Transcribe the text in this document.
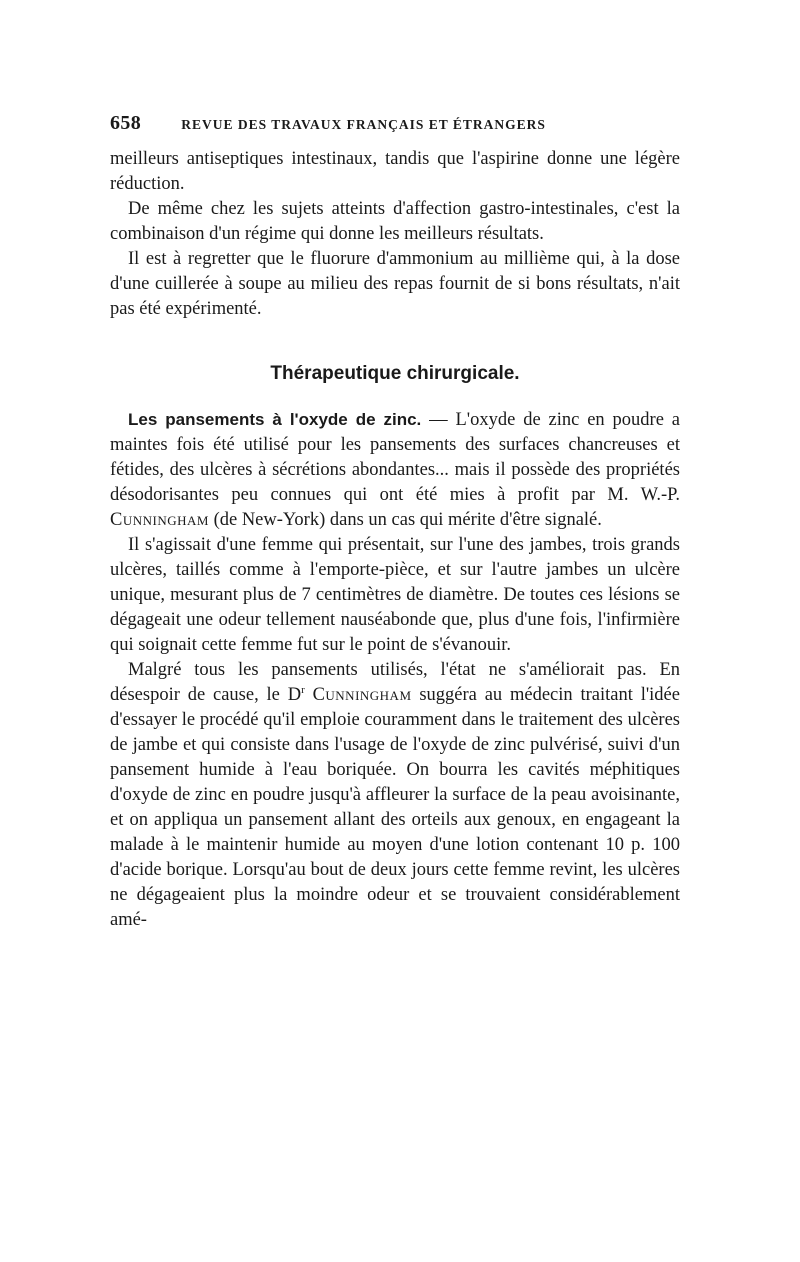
658	REVUE DES TRAVAUX FRANÇAIS ET ÉTRANGERS

meilleurs antiseptiques intestinaux, tandis que l'aspirine donne une légère réduction.

De même chez les sujets atteints d'affection gastro-intestinales, c'est la combinaison d'un régime qui donne les meilleurs résultats.

Il est à regretter que le fluorure d'ammonium au millième qui, à la dose d'une cuillerée à soupe au milieu des repas fournit de si bons résultats, n'ait pas été expérimenté.

Thérapeutique chirurgicale.

Les pansements à l'oxyde de zinc. — L'oxyde de zinc en poudre a maintes fois été utilisé pour les pansements des surfaces chancreuses et fétides, des ulcères à sécrétions abondantes... mais il possède des propriétés désodorisantes peu connues qui ont été mies à profit par M. W.-P. Cunningham (de New-York) dans un cas qui mérite d'être signalé.

Il s'agissait d'une femme qui présentait, sur l'une des jambes, trois grands ulcères, taillés comme à l'emporte-pièce, et sur l'autre jambes un ulcère unique, mesurant plus de 7 centimètres de diamètre. De toutes ces lésions se dégageait une odeur tellement nauséabonde que, plus d'une fois, l'infirmière qui soignait cette femme fut sur le point de s'évanouir.

Malgré tous les pansements utilisés, l'état ne s'améliorait pas. En désespoir de cause, le $D^r$ Cunningham suggéra au médecin traitant l'idée d'essayer le procédé qu'il emploie couramment dans le traitement des ulcères de jambe et qui consiste dans l'usage de l'oxyde de zinc pulvérisé, suivi d'un pansement humide à l'eau boriquée. On bourra les cavités méphitiques d'oxyde de zinc en poudre jusqu'à affleurer la surface de la peau avoisinante, et on appliqua un pansement allant des orteils aux genoux, en engageant la malade à le maintenir humide au moyen d'une lotion contenant 10 p. 100 d'acide borique. Lorsqu'au bout de deux jours cette femme revint, les ulcères ne dégageaient plus la moindre odeur et se trouvaient considérablement amé-
